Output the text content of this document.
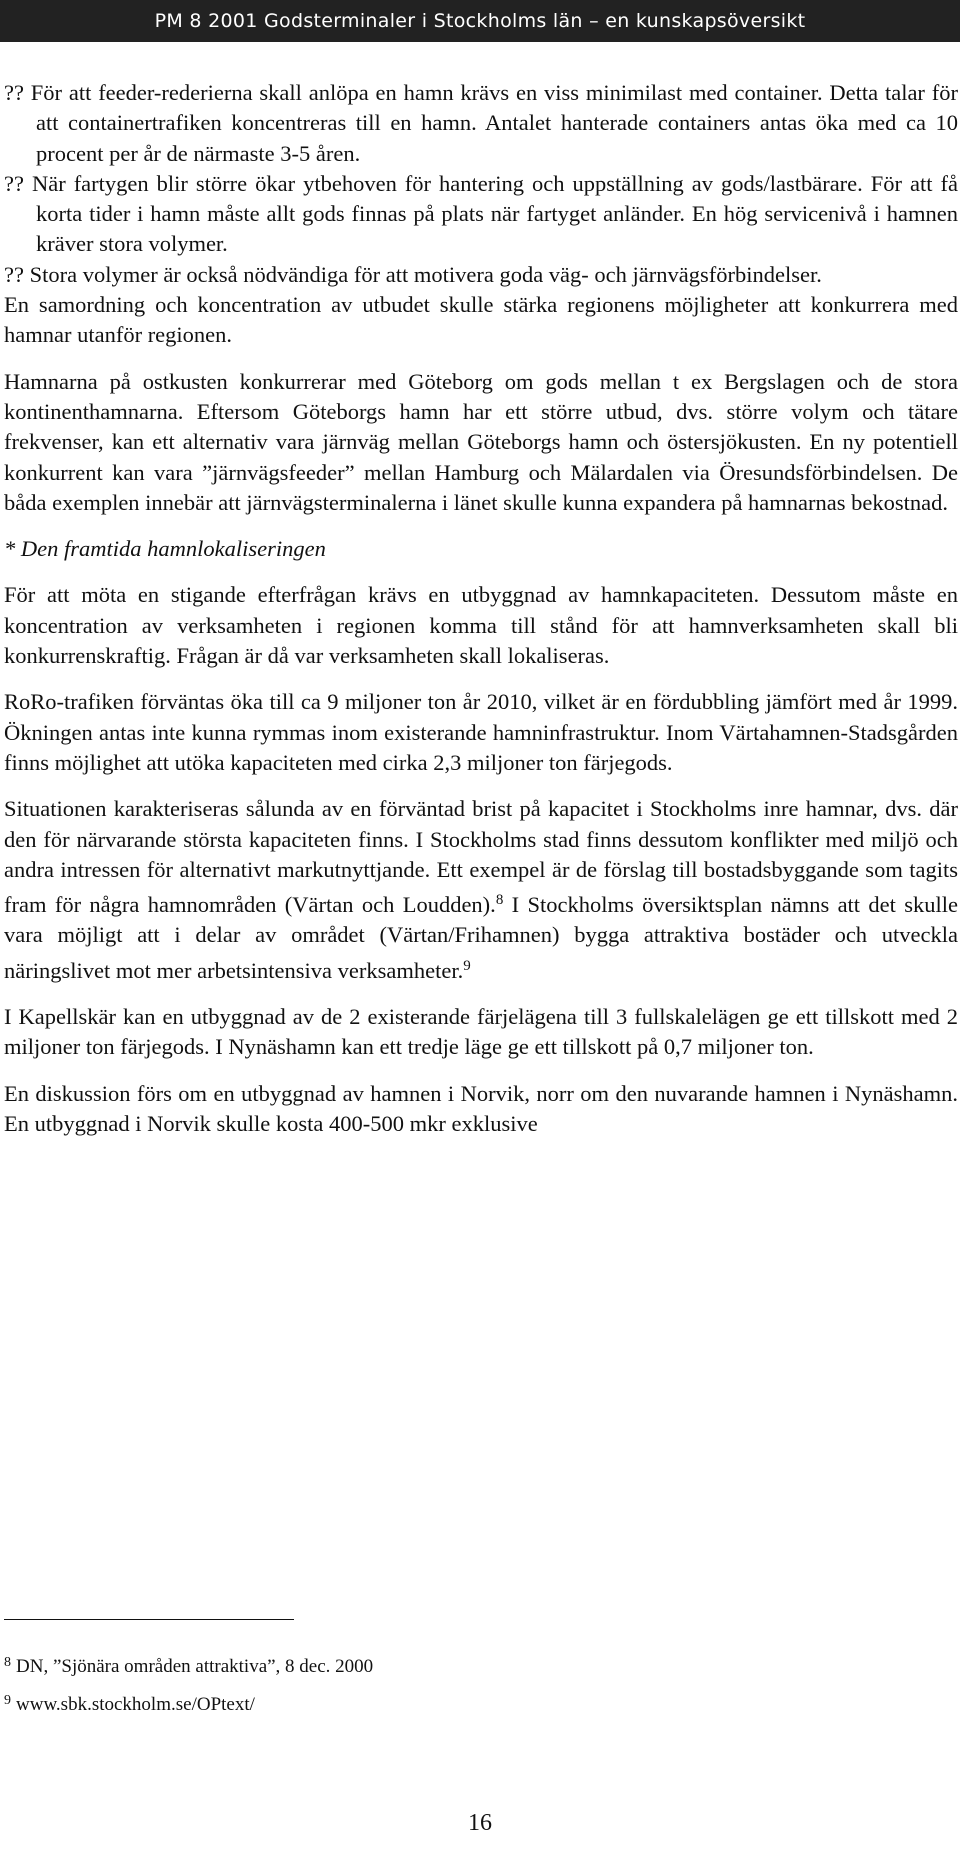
PM 8 2001 Godsterminaler i Stockholms län – en kunskapsöversikt
?? För att feeder-rederierna skall anlöpa en hamn krävs en viss minimilast med container. Detta talar för att containertrafiken koncentreras till en hamn. Antalet hanterade containers antas öka med ca 10 procent per år de närmaste 3-5 åren.
?? När fartygen blir större ökar ytbehoven för hantering och uppställning av gods/lastbärare. För att få korta tider i hamn måste allt gods finnas på plats när fartyget anländer. En hög servicenivå i hamnen kräver stora volymer.
?? Stora volymer är också nödvändiga för att motivera goda väg- och järnvägsförbindelser.
En samordning och koncentration av utbudet skulle stärka regionens möjligheter att konkurrera med hamnar utanför regionen.
Hamnarna på ostkusten konkurrerar med Göteborg om gods mellan t ex Bergslagen och de stora kontinenthamnarna. Eftersom Göteborgs hamn har ett större utbud, dvs. större volym och tätare frekvenser, kan ett alternativ vara järnväg mellan Göteborgs hamn och östersjökusten. En ny potentiell konkurrent kan vara ”järnvägsfeeder” mellan Hamburg och Mälardalen via Öresundsförbindelsen. De båda exemplen innebär att järnvägsterminalerna i länet skulle kunna expandera på hamnarnas bekostnad.
* Den framtida hamnlokaliseringen
För att möta en stigande efterfrågan krävs en utbyggnad av hamnkapaciteten. Dessutom måste en koncentration av verksamheten i regionen komma till stånd för att hamnverksamheten skall bli konkurrenskraftig. Frågan är då var verksamheten skall lokaliseras.
RoRo-trafiken förväntas öka till ca 9 miljoner ton år 2010, vilket är en fördubbling jämfört med år 1999. Ökningen antas inte kunna rymmas inom existerande hamninfrastruktur. Inom Värtahamnen-Stadsgården finns möjlighet att utöka kapaciteten med cirka 2,3 miljoner ton färjegods.
Situationen karakteriseras sålunda av en förväntad brist på kapacitet i Stockholms inre hamnar, dvs. där den för närvarande största kapaciteten finns. I Stockholms stad finns dessutom konflikter med miljö och andra intressen för alternativt markutnyttjande. Ett exempel är de förslag till bostadsbyggande som tagits fram för några hamnområden (Värtan och Loudden).$^8$ I Stockholms översiktsplan nämns att det skulle vara möjligt att i delar av området (Värtan/Frihamnen) bygga attraktiva bostäder och utveckla näringslivet mot mer arbetsintensiva verksamheter.$^9$
I Kapellskär kan en utbyggnad av de 2 existerande färjelägena till 3 fullskalelägen ge ett tillskott med 2 miljoner ton färjegods. I Nynäshamn kan ett tredje läge ge ett tillskott på 0,7 miljoner ton.
En diskussion förs om en utbyggnad av hamnen i Norvik, norr om den nuvarande hamnen i Nynäshamn. En utbyggnad i Norvik skulle kosta 400-500 mkr exklusive
$^8$ DN, ”Sjönära områden attraktiva”, 8 dec. 2000
$^9$ www.sbk.stockholm.se/OPtext/
16
